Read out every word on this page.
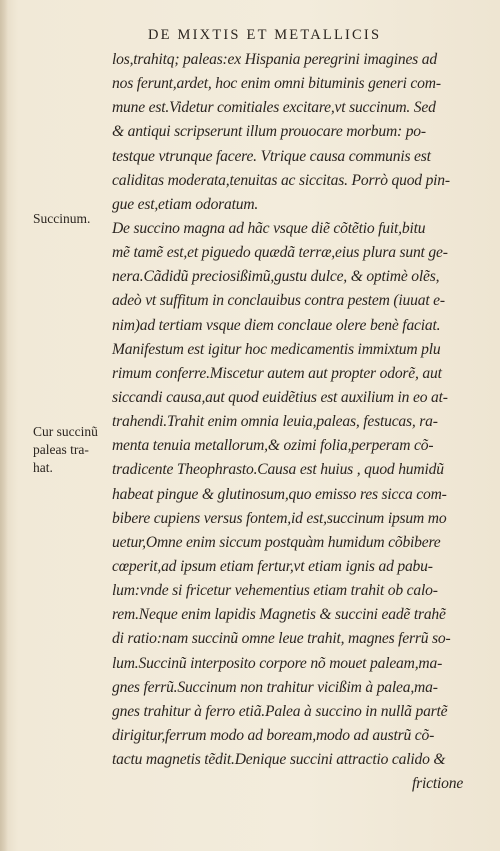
DE MIXTIS ET METALLICIS
Succinum.
Cur succinũ
paleas tra-
hat.
los,trahitq; paleas:ex Hispania peregrini imagines ad
nos ferunt,ardet, hoc enim omni bituminis generi com-
mune est.Videtur comitiales excitare,vt succinum. Sed
& antiqui scripserunt illum prouocare morbum: po-
testque vtrunque facere. Vtrique causa communis est
caliditas moderata,tenuitas ac siccitas. Porrò quod pin-
gue est,etiam odoratum.
De succino magna ad hãc vsque diẽ cõtẽtio fuit,bitu
mẽ tamẽ est,et piguedo quædã terræ,eius plura sunt ge-
nera.Cãdidũ preciosißimũ,gustu dulce, & optimè olẽs,
adeò vt suffitum in conclauibus contra pestem (iuuat e-
nim)ad tertiam vsque diem conclaue olere benè faciat.
Manifestum est igitur hoc medicamentis immixtum plu
rimum conferre.Miscetur autem aut propter odorẽ, aut
siccandi causa,aut quod euidẽtius est auxilium in eo at-
trahendi.Trahit enim omnia leuia,paleas, festucas, ra-
menta tenuia metallorum,& ozimi folia,perperam cõ-
tradicente Theophrasto.Causa est huius , quod humidũ
habeat pingue & glutinosum,quo emisso res sicca com-
bibere cupiens versus fontem,id est,succinum ipsum mo
uetur,Omne enim siccum postquàm humidum cõbibere
cœperit,ad ipsum etiam fertur,vt etiam ignis ad pabu-
lum:vnde si fricetur vehementius etiam trahit ob calo-
rem.Neque enim lapidis Magnetis & succini eadẽ trahẽ
di ratio:nam succinũ omne leue trahit, magnes ferrũ so-
lum.Succinũ interposito corpore nõ mouet paleam,ma-
gnes ferrũ.Succinum non trahitur vicißim à palea,ma-
gnes trahitur à ferro etiã.Palea à succino in nullã partẽ
dirigitur,ferrum modo ad boream,modo ad austrũ cõ-
tactu magnetis tẽdit.Denique succini attractio calido &
frictione
